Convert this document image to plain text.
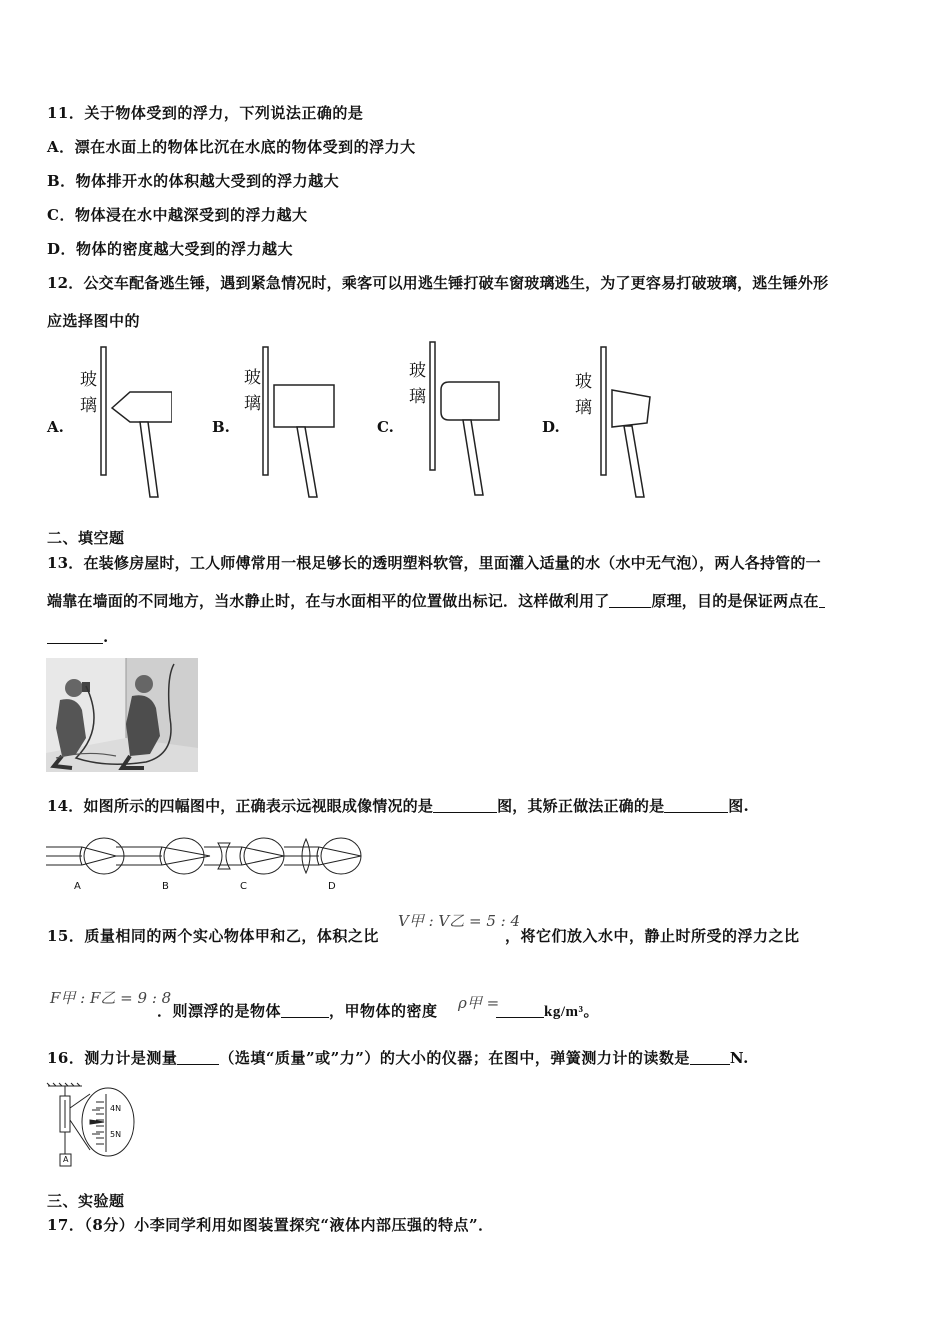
11．关于物体受到的浮力，下列说法正确的是
A．漂在水面上的物体比沉在水底的物体受到的浮力大
B．物体排开水的体积越大受到的浮力越大
C．物体浸在水中越深受到的浮力越大
D．物体的密度越大受到的浮力越大
12．公交车配备逃生锤，遇到紧急情况时，乘客可以用逃生锤打破车窗玻璃逃生，为了更容易打破玻璃，逃生锤外形
应选择图中的
A.	B.	C.	D.
玻
璃
玻
璃
玻
璃
玻
璃
二、填空题
13．在装修房屋时，工人师傅常用一根足够长的透明塑料软管，里面灌入适量的水（水中无气泡），两人各持管的一
端靠在墙面的不同地方，当水静止时，在与水面相平的位置做出标记．这样做利用了	原理，目的是保证两点在
.
14．如图所示的四幅图中，正确表示远视眼成像情况的是	图，其矫正做法正确的是	图.
A	B	C	D
15．质量相同的两个实心物体甲和乙，体积之比
V甲 : V乙 = 5 : 4
，将它们放入水中，静止时所受的浮力之比
F甲 : F乙 = 9 : 8
．则漂浮的是物体	，甲物体的密度 ρ甲 =	kg/m³。
16．测力计是测量	（选填“质量”或”力”）的大小的仪器；在图中，弹簧测力计的读数是	N.
4N
5N
A
三、实验题
17．（8分）小李同学利用如图装置探究“液体内部压强的特点”．
